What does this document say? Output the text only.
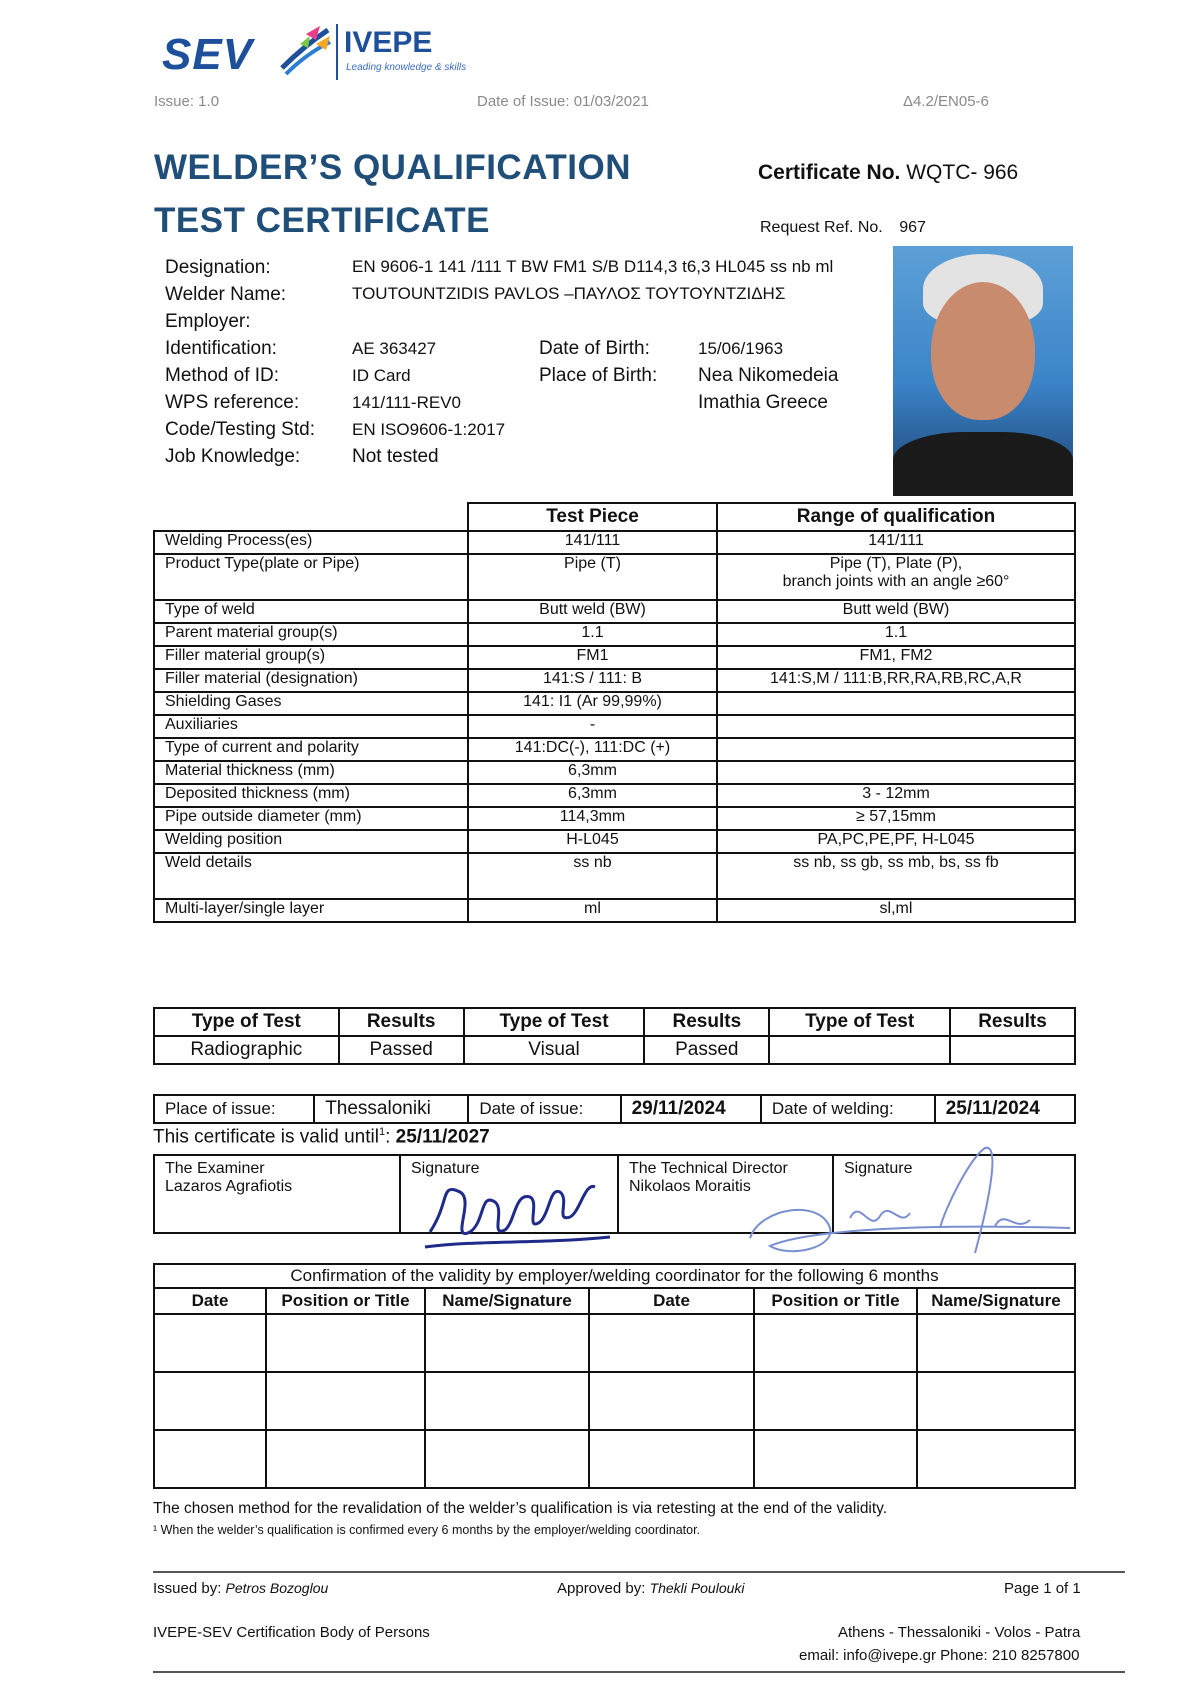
SEV	IVEPE
Leading knowledge & skills
Issue: 1.0	Date of Issue: 01/03/2021	Δ4.2/EN05-6
WELDER’S QUALIFICATION
TEST CERTIFICATE
Certificate No. WQTC- 966
Request Ref. No. 967
Designation:	EN 9606-1 141 /111 T BW FM1 S/B D114,3 t6,3 HL045 ss nb ml
Welder Name:	TOUTOUNTZIDIS PAVLOS –ΠΑΥΛΟΣ ΤΟΥΤΟΥΝΤΖΙΔΗΣ
Employer:
Identification:	AE 363427	Date of Birth:	15/06/1963
Method of ID:	ID Card	Place of Birth: Nea Nikomedeia
Imathia Greece
WPS reference:	141/111-REV0
Code/Testing Std: EN ISO9606-1:2017
Job Knowledge:	Not tested
	Test Piece	Range of qualification
Welding Process(es)	141/111	141/111
Product Type(plate or Pipe)	Pipe (T)	Pipe (T), Plate (P),
branch joints with an angle ≥60°

Type of weld	Butt weld (BW)	Butt weld (BW)
Parent material group(s)	1.1	1.1
Filler material group(s)	FM1	FM1, FM2
Filler material (designation)	141:S / 111: B	141:S,M / 111:B,RR,RA,RB,RC,A,R
Shielding Gases	141: I1 (Ar 99,99%)	
Auxiliaries	-	
Type of current and polarity	141:DC(-), 111:DC (+)	
Material thickness (mm)	6,3mm	
Deposited thickness (mm)	6,3mm	3 - 12mm
Pipe outside diameter (mm)	114,3mm	≥ 57,15mm
Welding position	H-L045	PA,PC,PE,PF, H-L045
Weld details	ss nb	ss nb, ss gb, ss mb, bs, ss fb
Multi-layer/single layer	ml	sl,ml
Type of Test	Results	Type of Test	Results	Type of Test	Results
Radiographic	Passed	Visual	Passed		
Place of issue:	Thessaloniki	Date of issue:	29/11/2024	Date of welding:	25/11/2024
This certificate is valid until$^1$: 25/11/2027
The Examiner
Lazaros Agrafiotis

Signature	The Technical Director
Nikolaos Moraitis

Signature
Confirmation of the validity by employer/welding coordinator for the following 6 months					
Date	Position or Title	Name/Signature	Date	Position or Title	Name/Signature

The chosen method for the revalidation of the welder’s qualification is via retesting at the end of the validity.
¹ When the welder’s qualification is confirmed every 6 months by the employer/welding coordinator.
Issued by: Petros Bozoglou	Approved by: Thekli Poulouki	Page 1 of 1
IVEPE-SEV Certification Body of Persons	Athens - Thessaloniki - Volos - Patra
email: info@ivepe.gr Phone: 210 8257800
